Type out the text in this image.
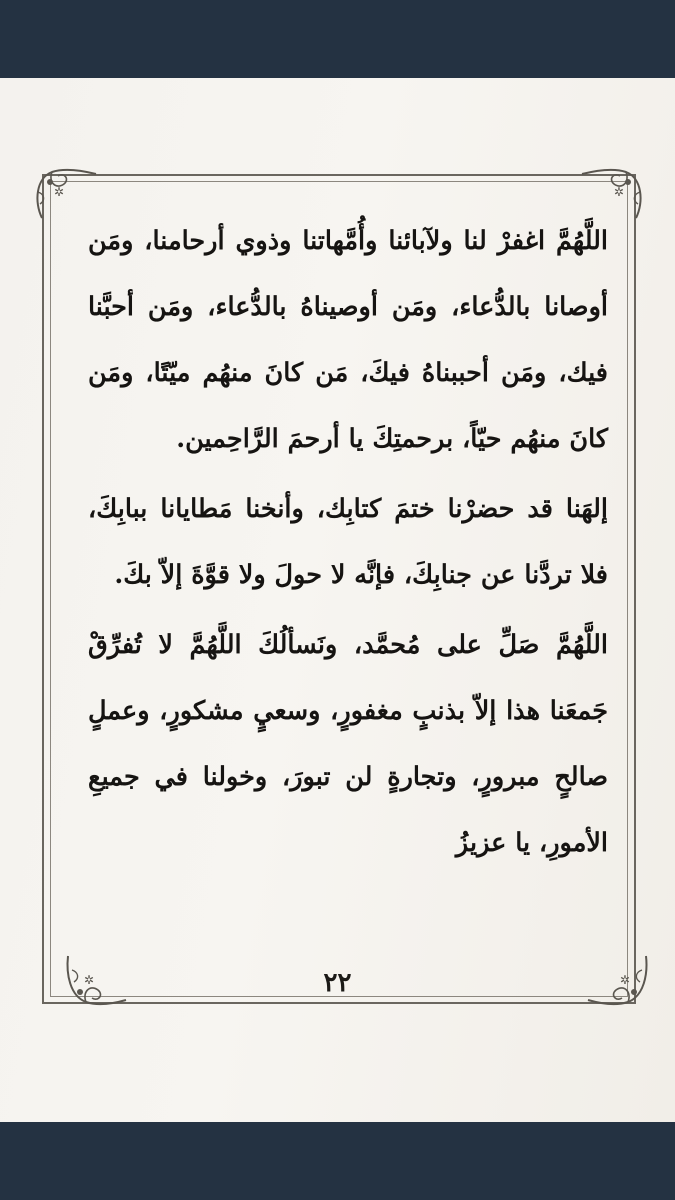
✲	✲
✲	✲

اللَّهُمَّ اغفرْ لنا ولآبائنا وأُمَّهاتنا وذوي أرحامنا، ومَن أوصانا بالدُّعاء، ومَن أوصيناهُ بالدُّعاء، ومَن أحبَّنا فيك، ومَن أحببناهُ فيكَ، مَن كانَ منهُم ميّتًا، ومَن كانَ منهُم حيّاً، برحمتِكَ يا أرحمَ الرَّاحِمين.

إلهَنا قد حضرْنا ختمَ كتابِك، وأنخنا مَطايانا ببابِكَ، فلا تردَّنا عن جنابِكَ، فإنَّه لا حولَ ولا قوَّةَ إلاّ بكَ.

اللَّهُمَّ صَلِّ على مُحمَّد، ونَسألُكَ اللَّهُمَّ لا تُفرِّقْ جَمعَنا هذا إلاّ بذنبٍ مغفورٍ، وسعيٍ مشكورٍ، وعملٍ صالحٍ مبرورٍ، وتجارةٍ لن تبورَ، وخولنا في جميعِ الأمورِ، يا عزيزُ

٢٢
